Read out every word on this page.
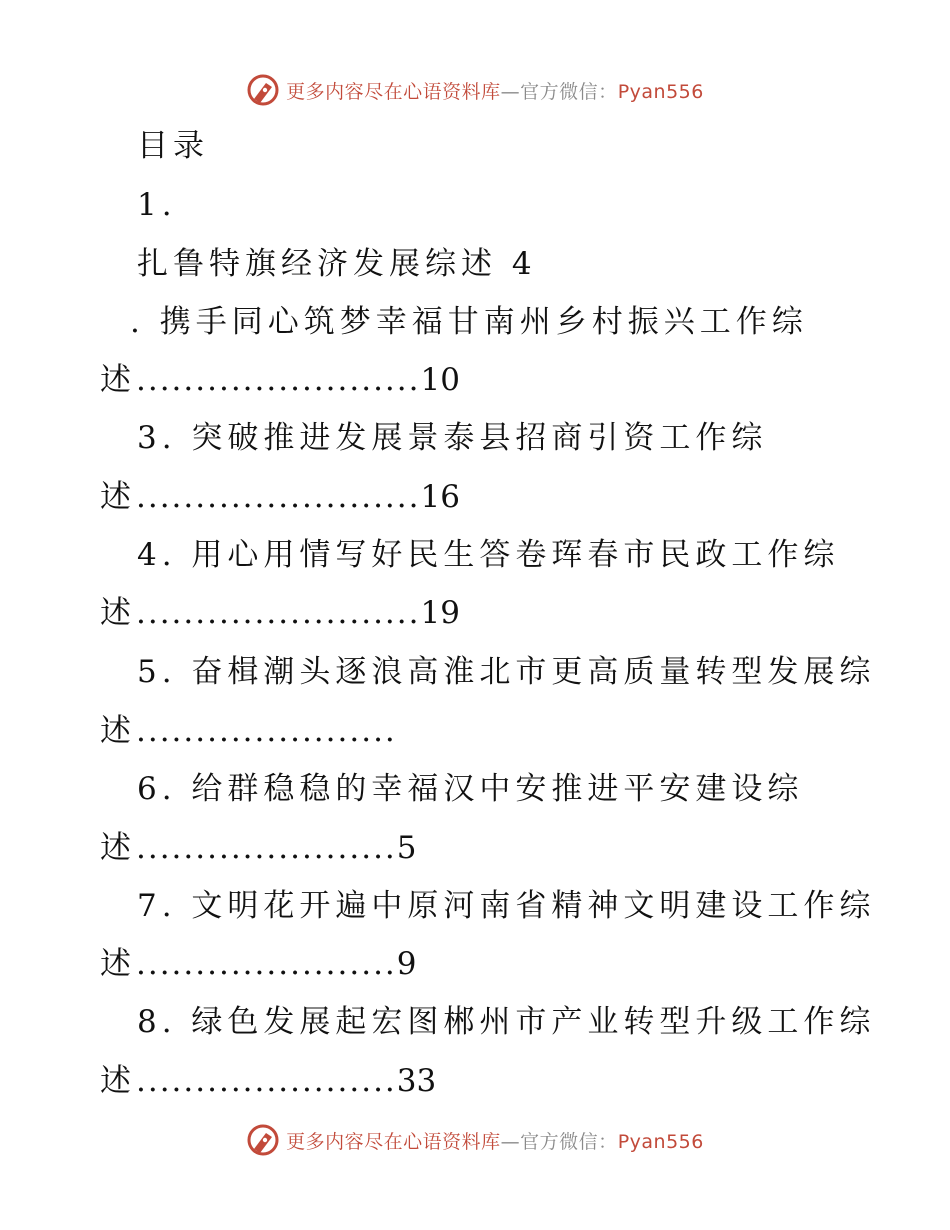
更多内容尽在心语资料库—官方微信：Pyan556
目录
1.
扎鲁特旗经济发展综述 4
. 携手同心筑梦幸福甘南州乡村振兴工作综
述........................10
3. 突破推进发展景泰县招商引资工作综
述........................16
4. 用心用情写好民生答卷珲春市民政工作综
述........................19
5. 奋楫潮头逐浪高淮北市更高质量转型发展综
述......................
6. 给群稳稳的幸福汉中安推进平安建设综
述......................5
7. 文明花开遍中原河南省精神文明建设工作综
述......................9
8. 绿色发展起宏图郴州市产业转型升级工作综
述......................33
更多内容尽在心语资料库—官方微信：Pyan556
